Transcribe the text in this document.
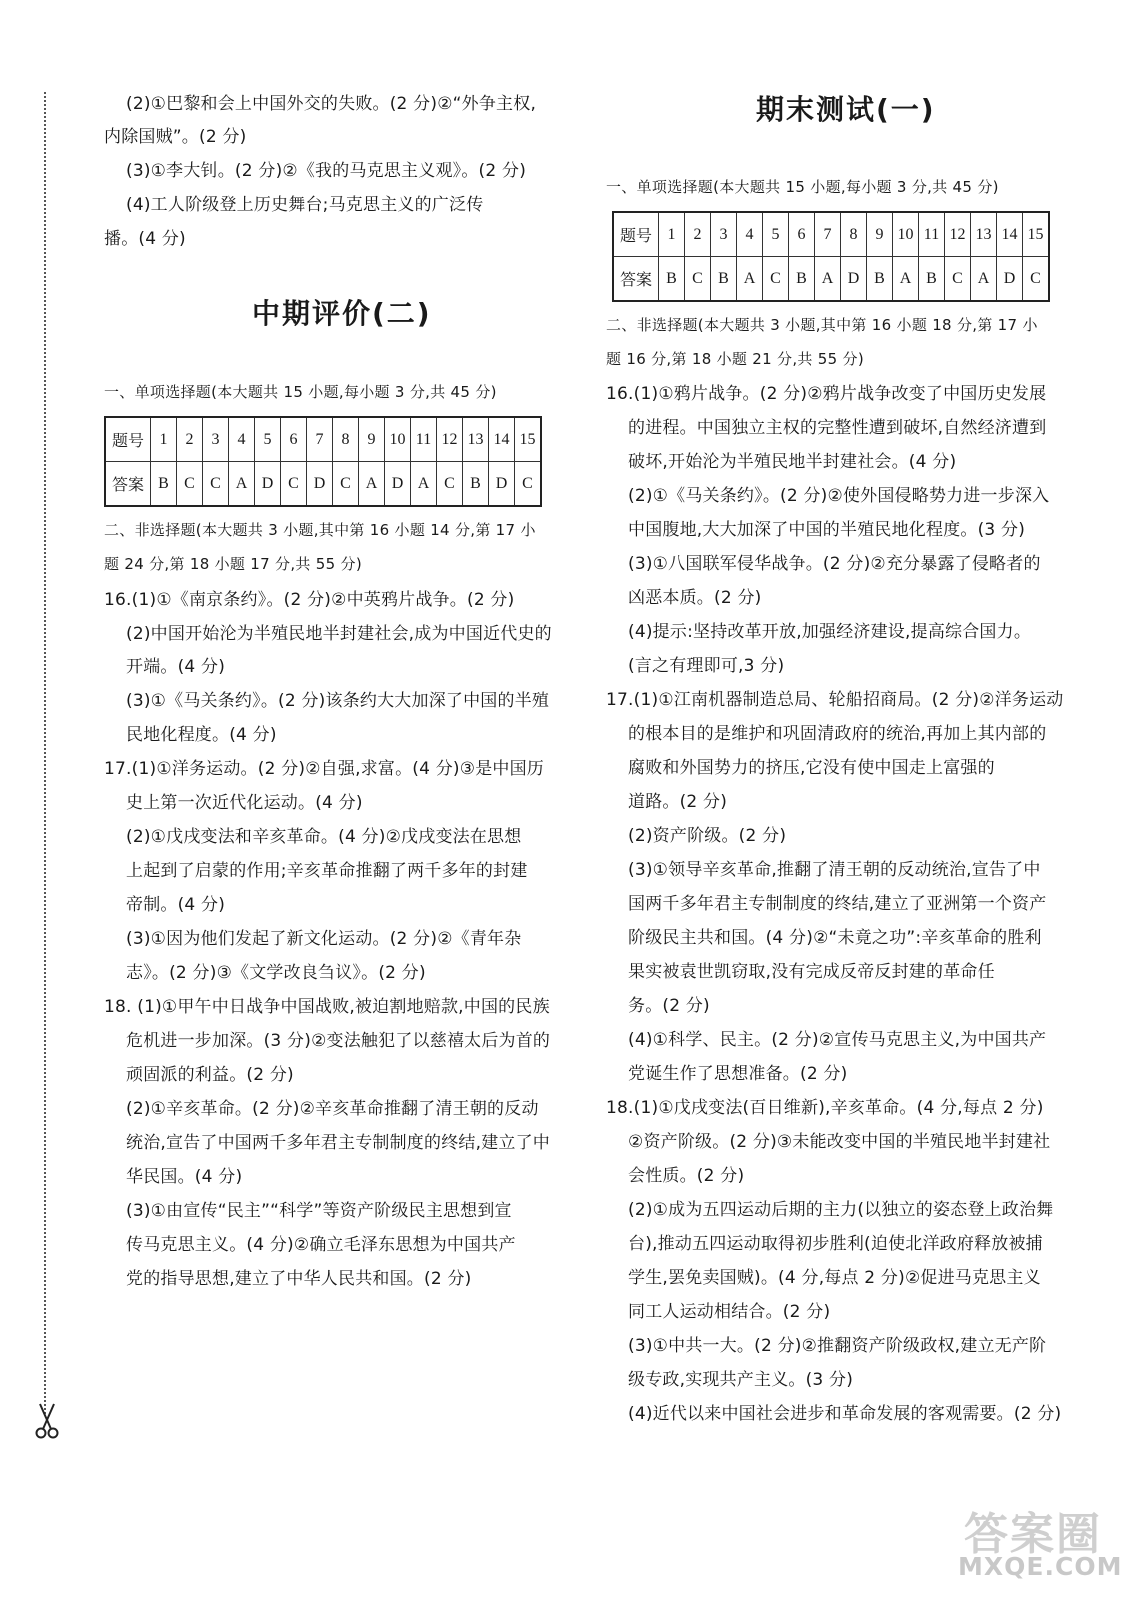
(2)①巴黎和会上中国外交的失败。(2 分)②“外争主权,
内除国贼”。(2 分)
(3)①李大钊。(2 分)②《我的马克思主义观》。(2 分)
(4)工人阶级登上历史舞台;马克思主义的广泛传
播。(4 分)
中期评价(二)
一、单项选择题(本大题共 15 小题,每小题 3 分,共 45 分)
题号	1	2	3	4	5	6	7	8	9	10	11	12	13	14	15
答案	B	C	C	A	D	C	D	C	A	D	A	C	B	D	C
二、非选择题(本大题共 3 小题,其中第 16 小题 14 分,第 17 小
题 24 分,第 18 小题 17 分,共 55 分)
16.(1)①《南京条约》。(2 分)②中英鸦片战争。(2 分)
(2)中国开始沦为半殖民地半封建社会,成为中国近代史的
开端。(4 分)
(3)①《马关条约》。(2 分)该条约大大加深了中国的半殖
民地化程度。(4 分)
17.(1)①洋务运动。(2 分)②自强,求富。(4 分)③是中国历
史上第一次近代化运动。(4 分)
(2)①戊戌变法和辛亥革命。(4 分)②戊戌变法在思想
上起到了启蒙的作用;辛亥革命推翻了两千多年的封建
帝制。(4 分)
(3)①因为他们发起了新文化运动。(2 分)②《青年杂
志》。(2 分)③《文学改良刍议》。(2 分)
18. (1)①甲午中日战争中国战败,被迫割地赔款,中国的民族
危机进一步加深。(3 分)②变法触犯了以慈禧太后为首的
顽固派的利益。(2 分)
(2)①辛亥革命。(2 分)②辛亥革命推翻了清王朝的反动
统治,宣告了中国两千多年君主专制制度的终结,建立了中
华民国。(4 分)
(3)①由宣传“民主”“科学”等资产阶级民主思想到宣
传马克思主义。(4 分)②确立毛泽东思想为中国共产
党的指导思想,建立了中华人民共和国。(2 分)
期末测试(一)
一、单项选择题(本大题共 15 小题,每小题 3 分,共 45 分)
题号	1	2	3	4	5	6	7	8	9	10	11	12	13	14	15
答案	B	C	B	A	C	B	A	D	B	A	B	C	A	D	C
二、非选择题(本大题共 3 小题,其中第 16 小题 18 分,第 17 小
题 16 分,第 18 小题 21 分,共 55 分)
16.(1)①鸦片战争。(2 分)②鸦片战争改变了中国历史发展
的进程。中国独立主权的完整性遭到破坏,自然经济遭到
破坏,开始沦为半殖民地半封建社会。(4 分)
(2)①《马关条约》。(2 分)②使外国侵略势力进一步深入
中国腹地,大大加深了中国的半殖民地化程度。(3 分)
(3)①八国联军侵华战争。(2 分)②充分暴露了侵略者的
凶恶本质。(2 分)
(4)提示:坚持改革开放,加强经济建设,提高综合国力。
(言之有理即可,3 分)
17.(1)①江南机器制造总局、轮船招商局。(2 分)②洋务运动
的根本目的是维护和巩固清政府的统治,再加上其内部的
腐败和外国势力的挤压,它没有使中国走上富强的
道路。(2 分)
(2)资产阶级。(2 分)
(3)①领导辛亥革命,推翻了清王朝的反动统治,宣告了中
国两千多年君主专制制度的终结,建立了亚洲第一个资产
阶级民主共和国。(4 分)②“未竟之功”:辛亥革命的胜利
果实被袁世凯窃取,没有完成反帝反封建的革命任
务。(2 分)
(4)①科学、民主。(2 分)②宣传马克思主义,为中国共产
党诞生作了思想准备。(2 分)
18.(1)①戊戌变法(百日维新),辛亥革命。(4 分,每点 2 分)
②资产阶级。(2 分)③未能改变中国的半殖民地半封建社
会性质。(2 分)
(2)①成为五四运动后期的主力(以独立的姿态登上政治舞
台),推动五四运动取得初步胜利(迫使北洋政府释放被捕
学生,罢免卖国贼)。(4 分,每点 2 分)②促进马克思主义
同工人运动相结合。(2 分)
(3)①中共一大。(2 分)②推翻资产阶级政权,建立无产阶
级专政,实现共产主义。(3 分)
(4)近代以来中国社会进步和革命发展的客观需要。(2 分)
答案圈
MXQE.COM
